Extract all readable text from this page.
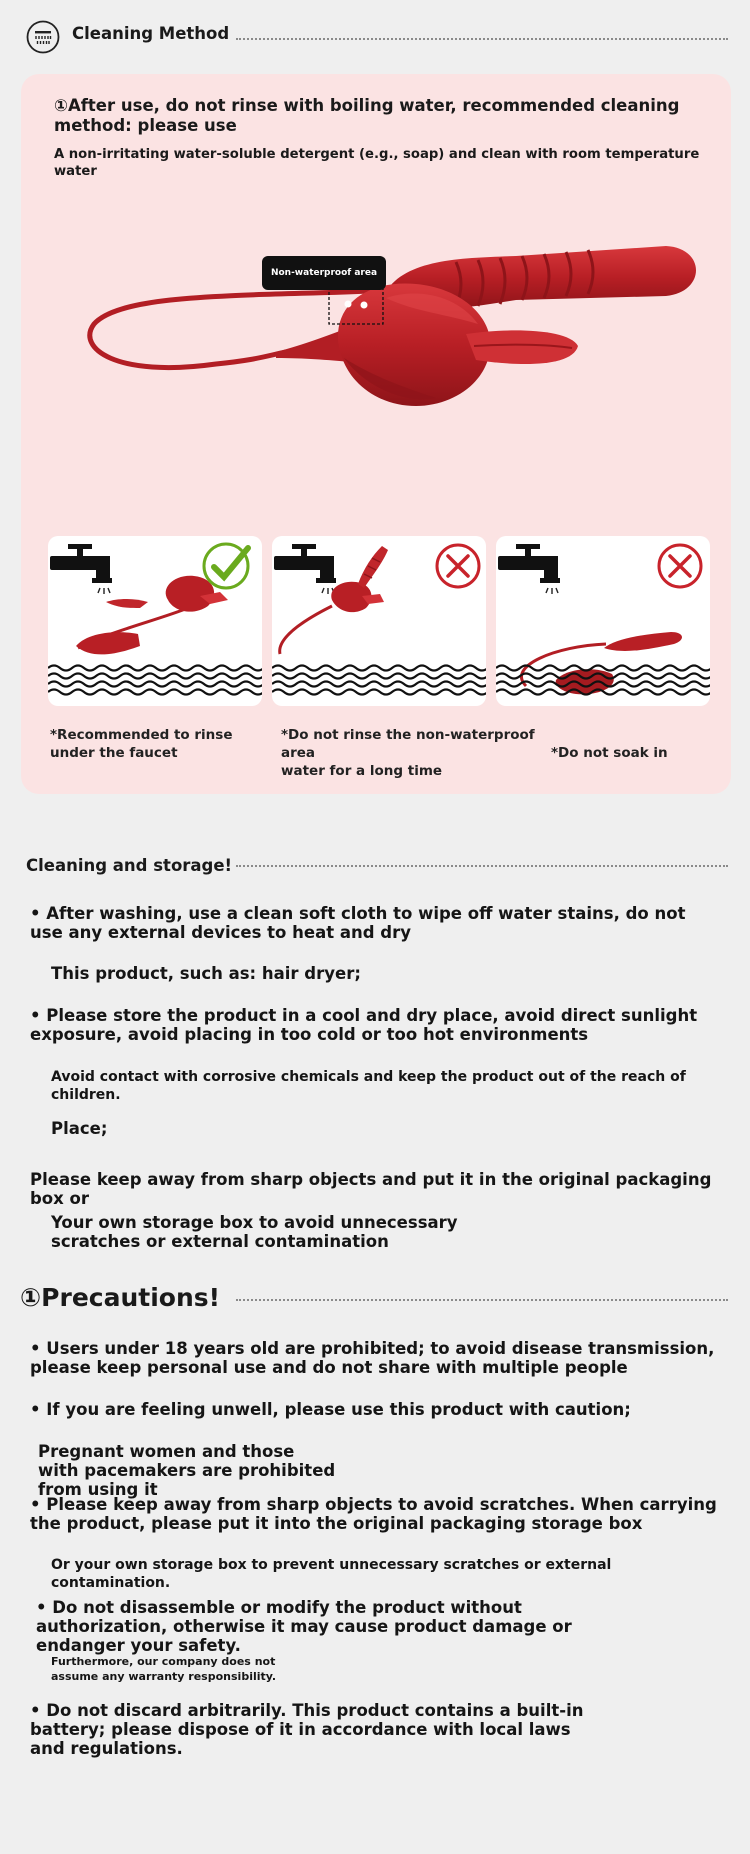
Cleaning Method
①After use, do not rinse with boiling water, recommended cleaning method: please use
A non-irritating water-soluble detergent (e.g., soap) and clean with room temperature water
Non-waterproof area
*Recommended to rinse under the faucet
*Do not rinse the non-waterproof area	*Do not soak in water for a long time
Cleaning and storage!
• After washing, use a clean soft cloth to wipe off water stains, do not use any external devices to heat and dry
This product, such as: hair dryer;
• Please store the product in a cool and dry place, avoid direct sunlight exposure, avoid placing in too cold or too hot environments
Avoid contact with corrosive chemicals and keep the product out of the reach of children.
Place;
Please keep away from sharp objects and put it in the original packaging box or
Your own storage box to avoid unnecessary scratches or external contamination
①Precautions!
• Users under 18 years old are prohibited; to avoid disease transmission, please keep personal use and do not share with multiple people
• If you are feeling unwell, please use this product with caution;
Pregnant women and those with pacemakers are prohibited from using it
• Please keep away from sharp objects to avoid scratches. When carrying the product, please put it into the original packaging storage box
Or your own storage box to prevent unnecessary scratches or external contamination.
• Do not disassemble or modify the product without authorization, otherwise it may cause product damage or endanger your safety.
Furthermore, our company does not assume any warranty responsibility.
• Do not discard arbitrarily. This product contains a built-in battery; please dispose of it in accordance with local laws and regulations.
